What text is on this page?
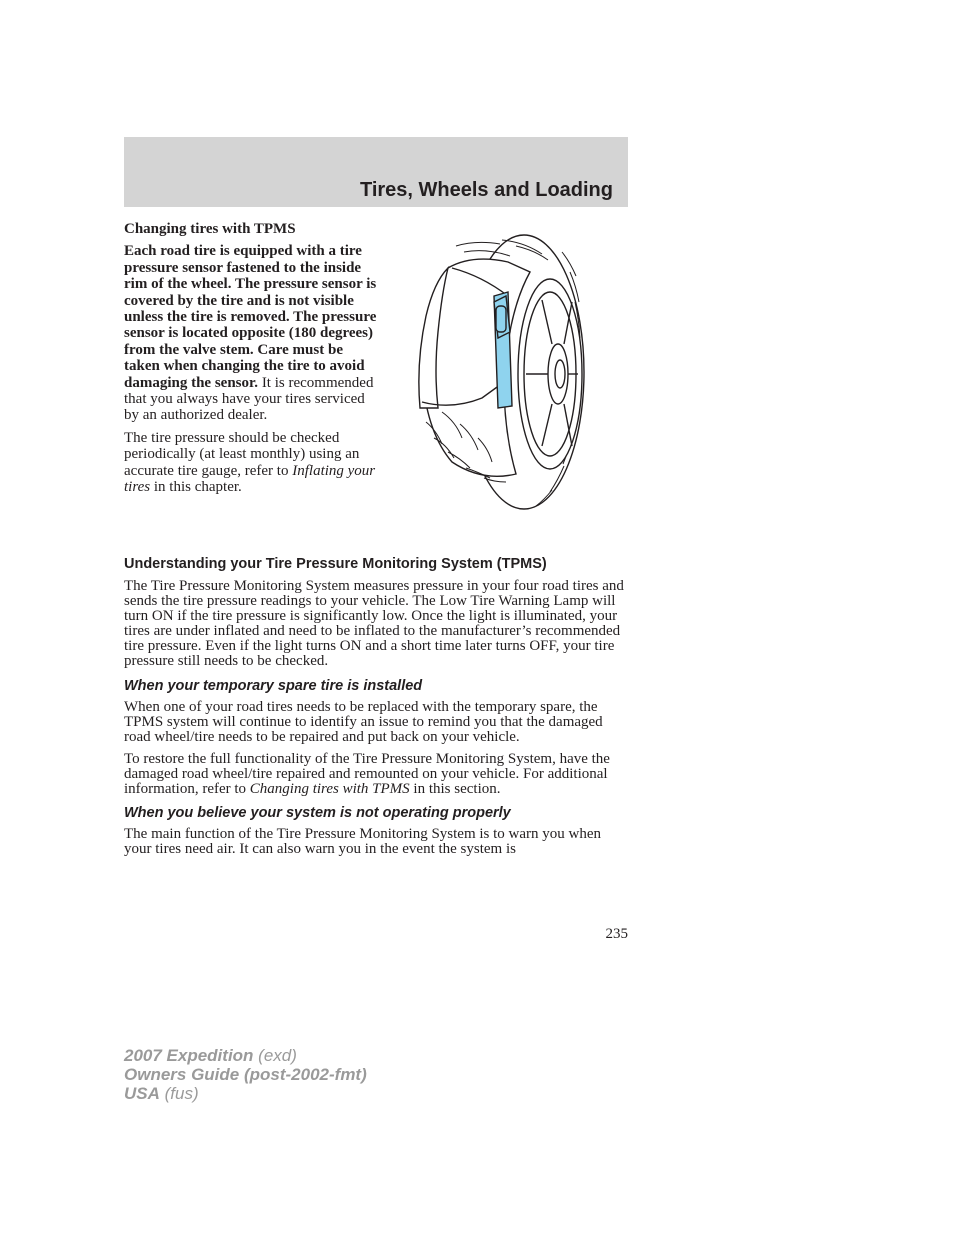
Tires, Wheels and Loading

Changing tires with TPMS

Each road tire is equipped with a tire pressure sensor fastened to the inside rim of the wheel. The pressure sensor is covered by the tire and is not visible unless the tire is removed. The pressure sensor is located opposite (180 degrees) from the valve stem. Care must be taken when changing the tire to avoid damaging the sensor. It is recommended that you always have your tires serviced by an authorized dealer.

The tire pressure should be checked periodically (at least monthly) using an accurate tire gauge, refer to Inflating your tires in this chapter.

Understanding your Tire Pressure Monitoring System (TPMS)

The Tire Pressure Monitoring System measures pressure in your four road tires and sends the tire pressure readings to your vehicle. The Low Tire Warning Lamp will turn ON if the tire pressure is significantly low. Once the light is illuminated, your tires are under inflated and need to be inflated to the manufacturer’s recommended tire pressure. Even if the light turns ON and a short time later turns OFF, your tire pressure still needs to be checked.

When your temporary spare tire is installed

When one of your road tires needs to be replaced with the temporary spare, the TPMS system will continue to identify an issue to remind you that the damaged road wheel/tire needs to be repaired and put back on your vehicle.

To restore the full functionality of the Tire Pressure Monitoring System, have the damaged road wheel/tire repaired and remounted on your vehicle. For additional information, refer to Changing tires with TPMS in this section.

When you believe your system is not operating properly

The main function of the Tire Pressure Monitoring System is to warn you when your tires need air. It can also warn you in the event the system is

235
2007 Expedition (exd)
Owners Guide (post-2002-fmt)
USA (fus)
